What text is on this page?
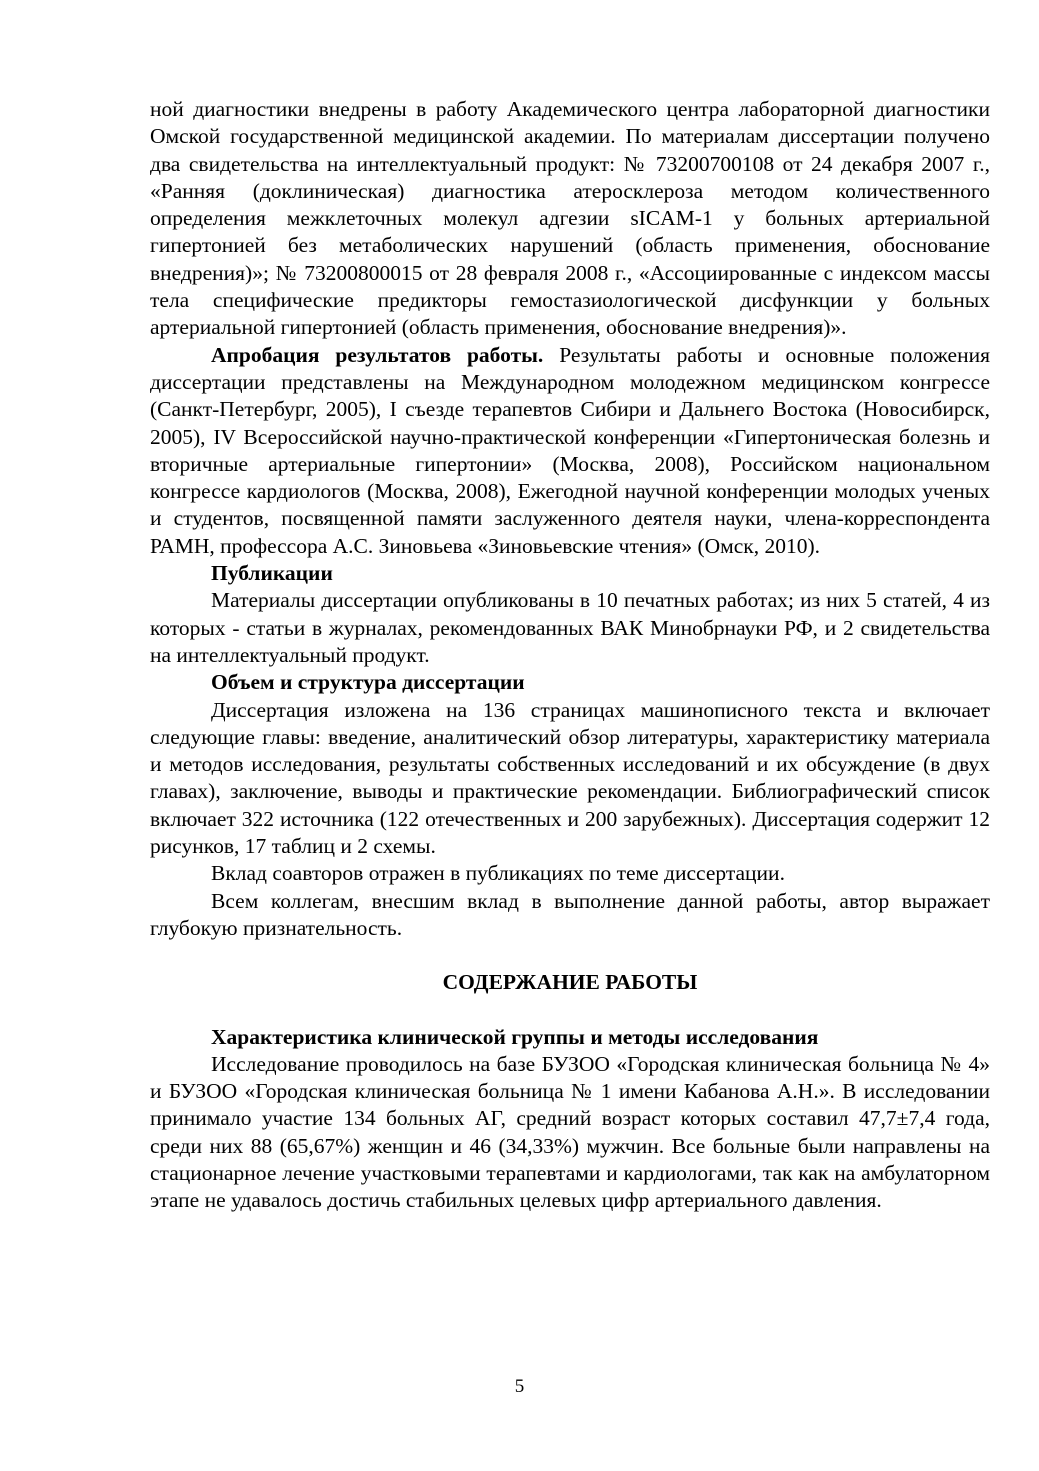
ной диагностики внедрены в работу Академического центра лабораторной диагностики Омской государственной медицинской академии. По материалам диссертации получено два свидетельства на интеллектуальный продукт: № 73200700108 от 24 декабря 2007 г., «Ранняя (доклиническая) диагностика атеросклероза методом количественного определения межклеточных молекул адгезии sICAM-1 у больных артериальной гипертонией без метаболических нарушений (область применения, обоснование внедрения)»; № 73200800015 от 28 февраля 2008 г., «Ассоциированные с индексом массы тела специфические предикторы гемостазиологической дисфункции у больных артериальной гипертонией (область применения, обоснование внедрения)».

Апробация результатов работы. Результаты работы и основные положения диссертации представлены на Международном молодежном медицинском конгрессе (Санкт-Петербург, 2005), I съезде терапевтов Сибири и Дальнего Востока (Новосибирск, 2005), IV Всероссийской научно-практической конференции «Гипертоническая болезнь и вторичные артериальные гипертонии» (Москва, 2008), Российском национальном конгрессе кардиологов (Москва, 2008), Ежегодной научной конференции молодых ученых и студентов, посвященной памяти заслуженного деятеля науки, члена-корреспондента РАМН, профессора А.С. Зиновьева «Зиновьевские чтения» (Омск, 2010).

Публикации

Материалы диссертации опубликованы в 10 печатных работах; из них 5 статей, 4 из которых - статьи в журналах, рекомендованных ВАК Минобрнауки РФ, и 2 свидетельства на интеллектуальный продукт.

Объем и структура диссертации

Диссертация изложена на 136 страницах машинописного текста и включает следующие главы: введение, аналитический обзор литературы, характеристику материала и методов исследования, результаты собственных исследований и их обсуждение (в двух главах), заключение, выводы и практические рекомендации. Библиографический список включает 322 источника (122 отечественных и 200 зарубежных). Диссертация содержит 12 рисунков, 17 таблиц и 2 схемы.

Вклад соавторов отражен в публикациях по теме диссертации.

Всем коллегам, внесшим вклад в выполнение данной работы, автор выражает глубокую признательность.

СОДЕРЖАНИЕ РАБОТЫ

Характеристика клинической группы и методы исследования

Исследование проводилось на базе БУЗОО «Городская клиническая больница № 4» и БУЗОО «Городская клиническая больница № 1 имени Кабанова А.Н.». В исследовании принимало участие 134 больных АГ, средний возраст которых составил 47,7±7,4 года, среди них 88 (65,67%) женщин и 46 (34,33%) мужчин. Все больные были направлены на стационарное лечение участковыми терапевтами и кардиологами, так как на амбулаторном этапе не удавалось достичь стабильных целевых цифр артериального давления.

5
